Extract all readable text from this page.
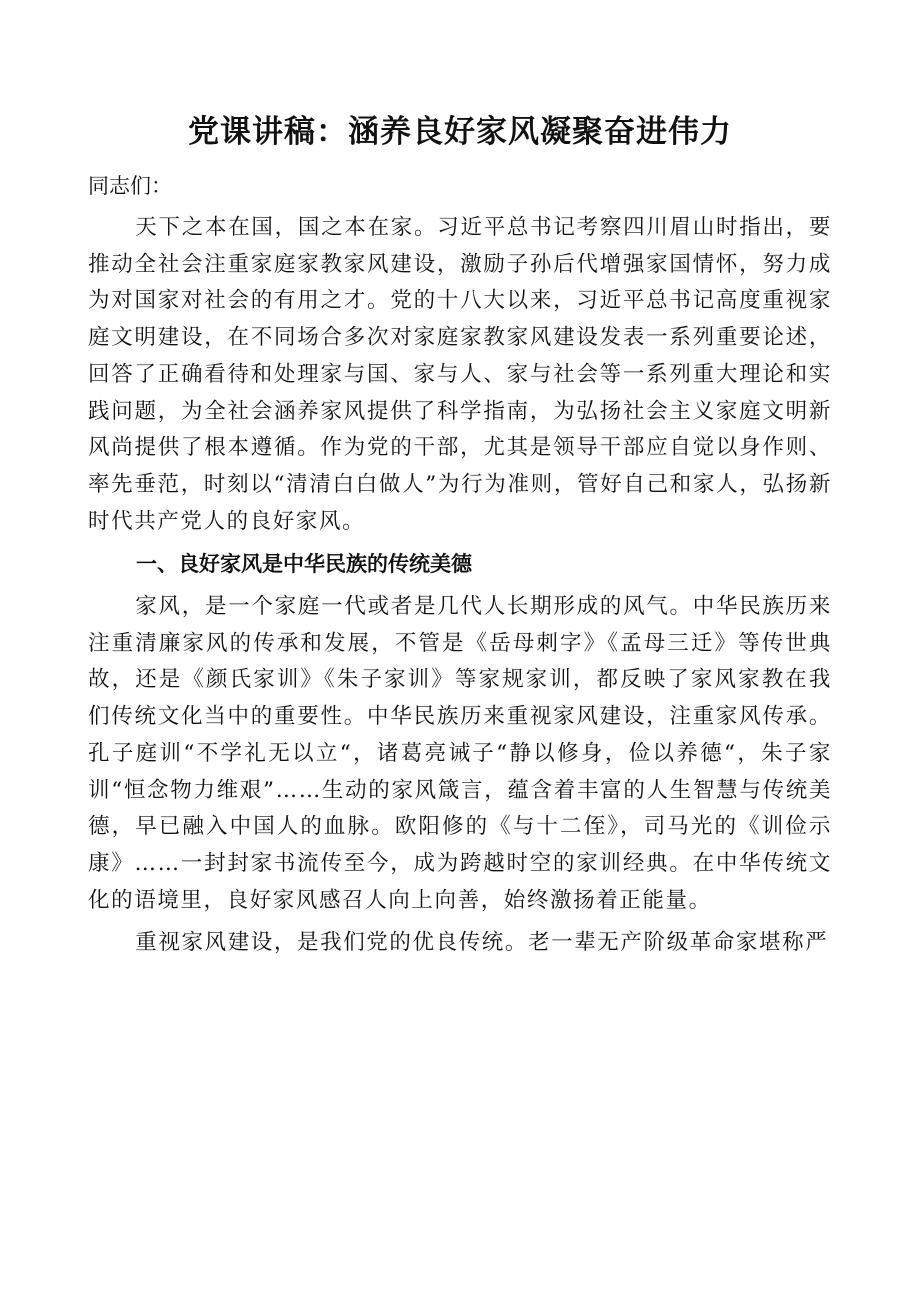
党课讲稿：涵养良好家风凝聚奋进伟力

同志们：

天下之本在国，国之本在家。习近平总书记考察四川眉山时指出，要推动全社会注重家庭家教家风建设，激励子孙后代增强家国情怀，努力成为对国家对社会的有用之才。党的十八大以来，习近平总书记高度重视家庭文明建设，在不同场合多次对家庭家教家风建设发表一系列重要论述，回答了正确看待和处理家与国、家与人、家与社会等一系列重大理论和实践问题，为全社会涵养家风提供了科学指南，为弘扬社会主义家庭文明新风尚提供了根本遵循。作为党的干部，尤其是领导干部应自觉以身作则、率先垂范，时刻以“清清白白做人”为行为准则，管好自己和家人，弘扬新时代共产党人的良好家风。

一、良好家风是中华民族的传统美德

家风，是一个家庭一代或者是几代人长期形成的风气。中华民族历来注重清廉家风的传承和发展，不管是《岳母刺字》《孟母三迁》等传世典故，还是《颜氏家训》《朱子家训》等家规家训，都反映了家风家教在我们传统文化当中的重要性。中华民族历来重视家风建设，注重家风传承。孔子庭训“不学礼无以立“，诸葛亮诫子“静以修身，俭以养德“，朱子家训“恒念物力维艰”……生动的家风箴言，蕴含着丰富的人生智慧与传统美德，早已融入中国人的血脉。欧阳修的《与十二侄》，司马光的《训俭示康》……一封封家书流传至今，成为跨越时空的家训经典。在中华传统文化的语境里，良好家风感召人向上向善，始终激扬着正能量。

重视家风建设，是我们党的优良传统。老一辈无产阶级革命家堪称严
